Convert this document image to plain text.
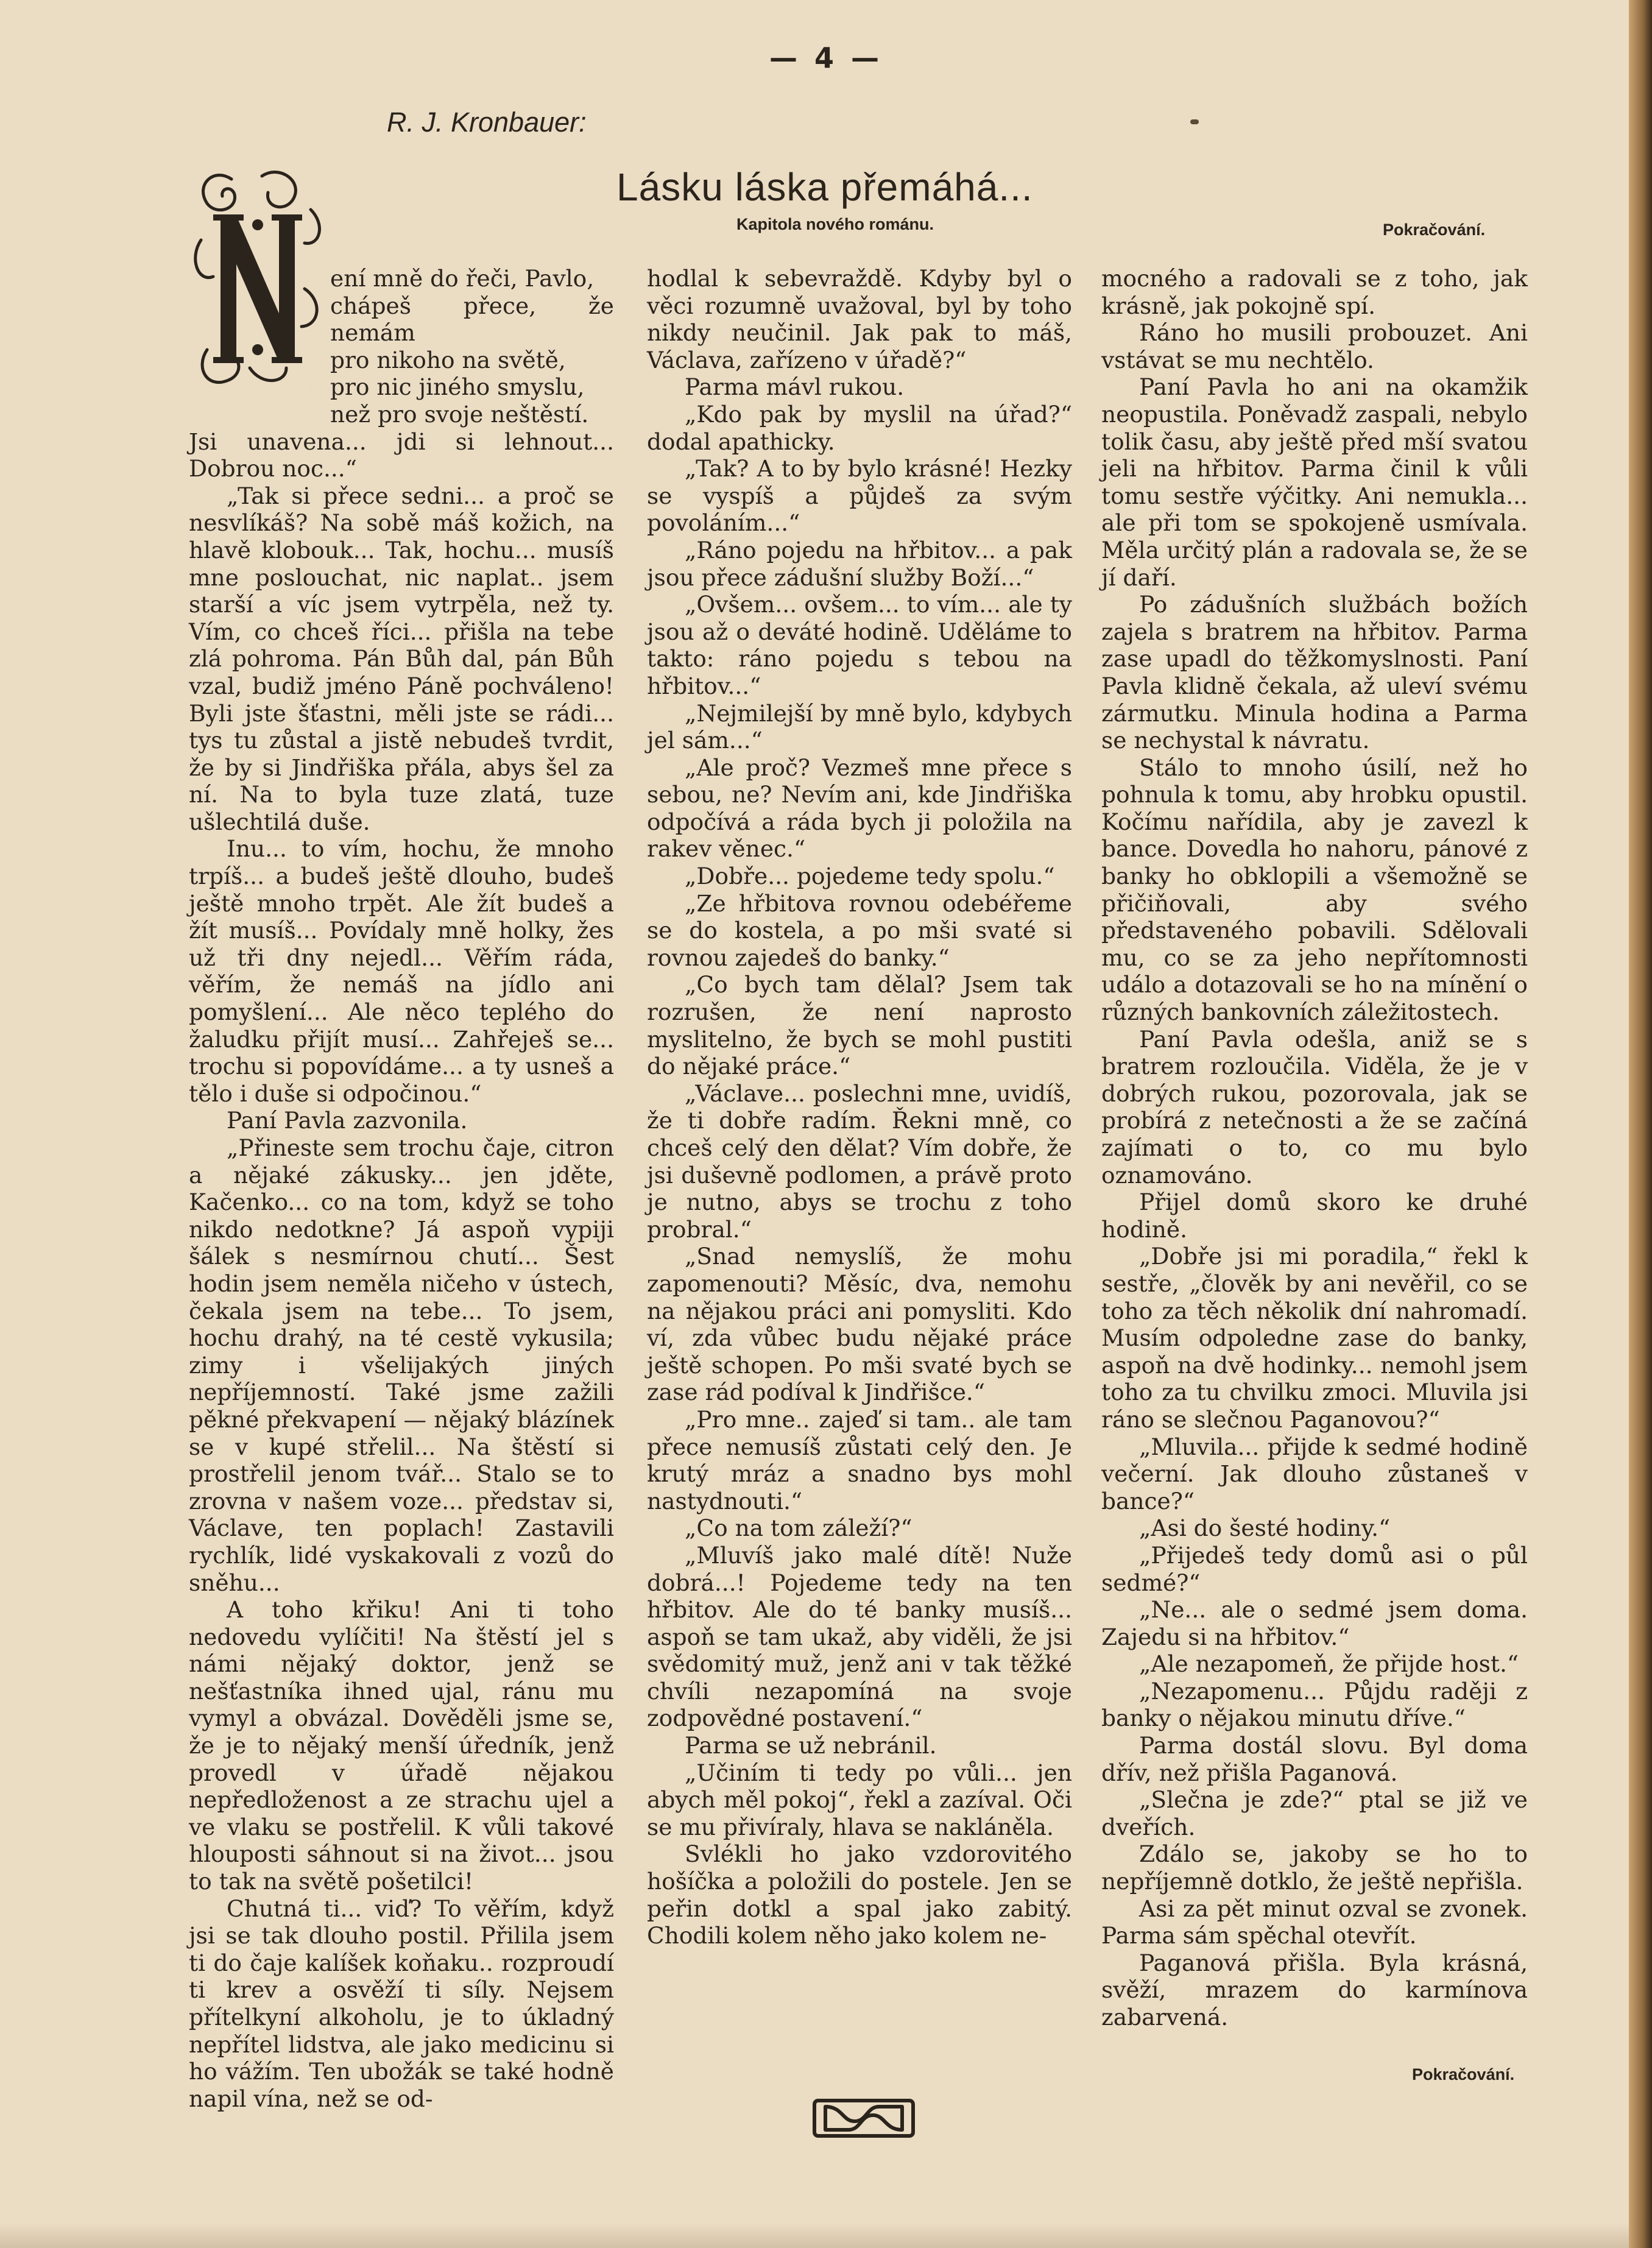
— 4 —
R. J. Kronbauer:
Lásku láska přemáhá...
Kapitola nového románu.	Pokračování.
N
ení mně do řeči, Pavlo,
chápeš přece, že nemám
pro nikoho na světě,
pro nic jiného smyslu,
než pro svoje neštěstí.

Jsi unavena... jdi si lehnout... Dobrou noc...“

„Tak si přece sedni... a proč se nesvlíkáš? Na sobě máš kožich, na hlavě klobouk... Tak, hochu... musíš mne poslouchat, nic naplat.. jsem starší a víc jsem vytrpěla, než ty. Vím, co chceš říci... přišla na tebe zlá pohroma. Pán Bůh dal, pán Bůh vzal, budiž jméno Páně pochváleno! Byli jste šťastni, měli jste se rádi... tys tu zůstal a jistě nebudeš tvrdit, že by si Jindřiška přála, abys šel za ní. Na to byla tuze zlatá, tuze ušlechtilá duše.

Inu... to vím, hochu, že mnoho trpíš... a budeš ještě dlouho, budeš ještě mnoho trpět. Ale žít budeš a žít musíš... Povídaly mně holky, žes už tři dny nejedl... Věřím ráda, věřím, že nemáš na jídlo ani pomyšlení... Ale něco teplého do žaludku přijít musí... Zahřeješ se... trochu si popovídáme... a ty usneš a tělo i duše si odpočinou.“

Paní Pavla zazvonila.

„Přineste sem trochu čaje, citron a nějaké zákusky... jen jděte, Kačenko... co na tom, když se toho nikdo nedotkne? Já aspoň vypiji šálek s nesmírnou chutí... Šest hodin jsem neměla ničeho v ústech, čekala jsem na tebe... To jsem, hochu drahý, na té cestě vykusila; zimy i všelijakých jiných nepříjemností. Také jsme zažili pěkné překvapení — nějaký blázínek se v kupé střelil... Na štěstí si prostřelil jenom tvář... Stalo se to zrovna v našem voze... představ si, Václave, ten poplach! Zastavili rychlík, lidé vyskakovali z vozů do sněhu...

A toho křiku! Ani ti toho nedovedu vylíčiti! Na štěstí jel s námi nějaký doktor, jenž se nešťastníka ihned ujal, ránu mu vymyl a obvázal. Dověděli jsme se, že je to nějaký menší úředník, jenž provedl v úřadě nějakou nepředloženost a ze strachu ujel a ve vlaku se postřelil. K vůli takové hlouposti sáhnout si na život... jsou to tak na světě pošetilci!

Chutná ti... viď? To věřím, když jsi se tak dlouho postil. Přilila jsem ti do čaje kalíšek koňaku.. rozproudí ti krev a osvěží ti síly. Nejsem přítelkyní alkoholu, je to úkladný nepřítel lidstva, ale jako medicinu si ho vážím. Ten ubožák se také hodně napil vína, než se od-

hodlal k sebevraždě. Kdyby byl o věci rozumně uvažoval, byl by toho nikdy neučinil. Jak pak to máš, Václava, zařízeno v úřadě?“

Parma mávl rukou.

„Kdo pak by myslil na úřad?“ dodal apathicky.

„Tak? A to by bylo krásné! Hezky se vyspíš a půjdeš za svým povoláním...“

„Ráno pojedu na hřbitov... a pak jsou přece zádušní služby Boží...“

„Ovšem... ovšem... to vím... ale ty jsou až o deváté hodině. Uděláme to takto: ráno pojedu s tebou na hřbitov...“

„Nejmilejší by mně bylo, kdybych jel sám...“

„Ale proč? Vezmeš mne přece s sebou, ne? Nevím ani, kde Jindřiška odpočívá a ráda bych ji položila na rakev věnec.“

„Dobře... pojedeme tedy spolu.“

„Ze hřbitova rovnou odebéřeme se do kostela, a po mši svaté si rovnou zajedeš do banky.“

„Co bych tam dělal? Jsem tak rozrušen, že není naprosto myslitelno, že bych se mohl pustiti do nějaké práce.“

„Václave... poslechni mne, uvidíš, že ti dobře radím. Řekni mně, co chceš celý den dělat? Vím dobře, že jsi duševně podlomen, a právě proto je nutno, abys se trochu z toho probral.“

„Snad nemyslíš, že mohu zapomenouti? Měsíc, dva, nemohu na nějakou práci ani pomysliti. Kdo ví, zda vůbec budu nějaké práce ještě schopen. Po mši svaté bych se zase rád podíval k Jindřišce.“

„Pro mne.. zajeď si tam.. ale tam přece nemusíš zůstati celý den. Je krutý mráz a snadno bys mohl nastydnouti.“

„Co na tom záleží?“

„Mluvíš jako malé dítě! Nuže dobrá...! Pojedeme tedy na ten hřbitov. Ale do té banky musíš... aspoň se tam ukaž, aby viděli, že jsi svědomitý muž, jenž ani v tak těžké chvíli nezapomíná na svoje zodpovědné postavení.“

Parma se už nebránil.

„Učiním ti tedy po vůli... jen abych měl pokoj“, řekl a zazíval. Oči se mu přivíraly, hlava se nakláněla.

Svlékli ho jako vzdorovitého hošíčka a položili do postele. Jen se peřin dotkl a spal jako zabitý. Chodili kolem něho jako kolem ne-

mocného a radovali se z toho, jak krásně, jak pokojně spí.

Ráno ho musili probouzet. Ani vstávat se mu nechtělo.

Paní Pavla ho ani na okamžik neopustila. Poněvadž zaspali, nebylo tolik času, aby ještě před mší svatou jeli na hřbitov. Parma činil k vůli tomu sestře výčitky. Ani nemukla... ale při tom se spokojeně usmívala. Měla určitý plán a radovala se, že se jí daří.

Po zádušních službách božích zajela s bratrem na hřbitov. Parma zase upadl do těžkomyslnosti. Paní Pavla klidně čekala, až uleví svému zármutku. Minula hodina a Parma se nechystal k návratu.

Stálo to mnoho úsilí, než ho pohnula k tomu, aby hrobku opustil. Kočímu nařídila, aby je zavezl k bance. Dovedla ho nahoru, pánové z banky ho obklopili a všemožně se přičiňovali, aby svého představeného pobavili. Sdělovali mu, co se za jeho nepřítomnosti událo a dotazovali se ho na mínění o různých bankovních záležitostech.

Paní Pavla odešla, aniž se s bratrem rozloučila. Viděla, že je v dobrých rukou, pozorovala, jak se probírá z netečnosti a že se začíná zajímati o to, co mu bylo oznamováno.

Přijel domů skoro ke druhé hodině.

„Dobře jsi mi poradila,“ řekl k sestře, „člověk by ani nevěřil, co se toho za těch několik dní nahromadí. Musím odpoledne zase do banky, aspoň na dvě hodinky... nemohl jsem toho za tu chvilku zmoci. Mluvila jsi ráno se slečnou Paganovou?“

„Mluvila... přijde k sedmé hodině večerní. Jak dlouho zůstaneš v bance?“

„Asi do šesté hodiny.“

„Přijedeš tedy domů asi o půl sedmé?“

„Ne... ale o sedmé jsem doma. Zajedu si na hřbitov.“

„Ale nezapomeň, že přijde host.“

„Nezapomenu... Půjdu raději z banky o nějakou minutu dříve.“

Parma dostál slovu. Byl doma dřív, než přišla Paganová.

„Slečna je zde?“ ptal se již ve dveřích.

Zdálo se, jakoby se ho to nepříjemně dotklo, že ještě nepřišla.

Asi za pět minut ozval se zvonek. Parma sám spěchal otevřít.

Paganová přišla. Byla krásná, svěží, mrazem do karmínova zabarvená.

Pokračování.
